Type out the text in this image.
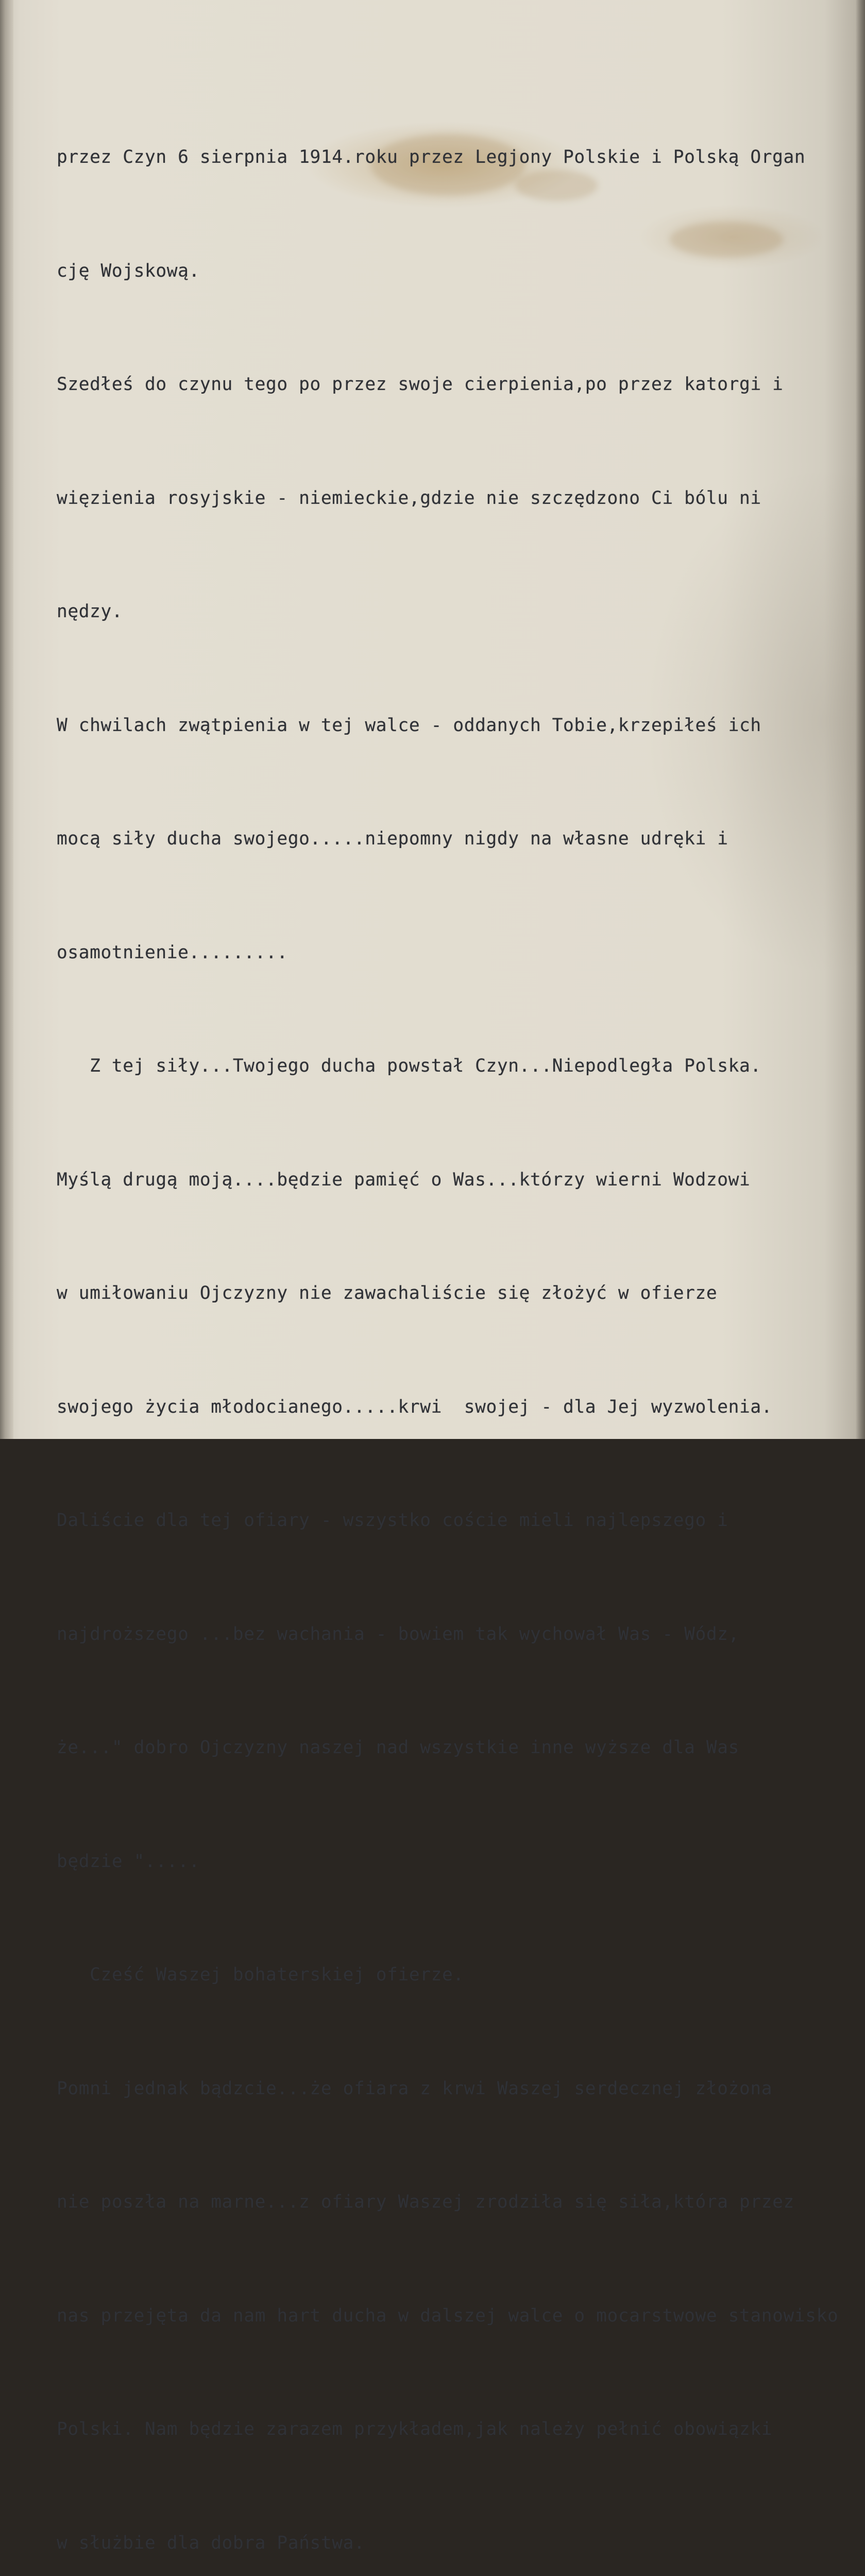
przez Czyn 6 sierpnia 1914.roku przez Legjony Polskie i Polską Organ

cję Wojskową.

Szedłeś do czynu tego po przez swoje cierpienia,po przez katorgi i

więzienia rosyjskie - niemieckie,gdzie nie szczędzono Ci bólu ni

nędzy.

W chwilach zwątpienia w tej walce - oddanych Tobie,krzepiłeś ich

mocą siły ducha swojego.....niepomny nigdy na własne udręki i

osamotnienie.........

Z tej siły...Twojego ducha powstał Czyn...Niepodległa Polska.

Myślą drugą moją....będzie pamięć o Was...którzy wierni Wodzowi

w umiłowaniu Ojczyzny nie zawachaliście się złożyć w ofierze

swojego życia młodocianego.....krwi  swojej - dla Jej wyzwolenia.

Daliście dla tej ofiary - wszystko coście mieli najlepszego i

najdroższego ...bez wachania - bowiem tak wychował Was - Wódz,

że..." dobro Ojczyzny naszej nad wszystkie inne wyższe dla Was

będzie ".....

Cześć Waszej bohaterskiej ofierze.

Pomni jednak bądzcie...że ofiara z krwi Waszej serdecznej złożona

nie poszła na marne...z ofiary Waszej zrodziła się siła,która przez

nas przejęta da nam hart ducha w dalszej walce o mocarstwowe stanowisko

Polski. Nam będzie zarazem przykładem,jak należy pełnić obowiązki

w służbie dla dobra Państwa.
